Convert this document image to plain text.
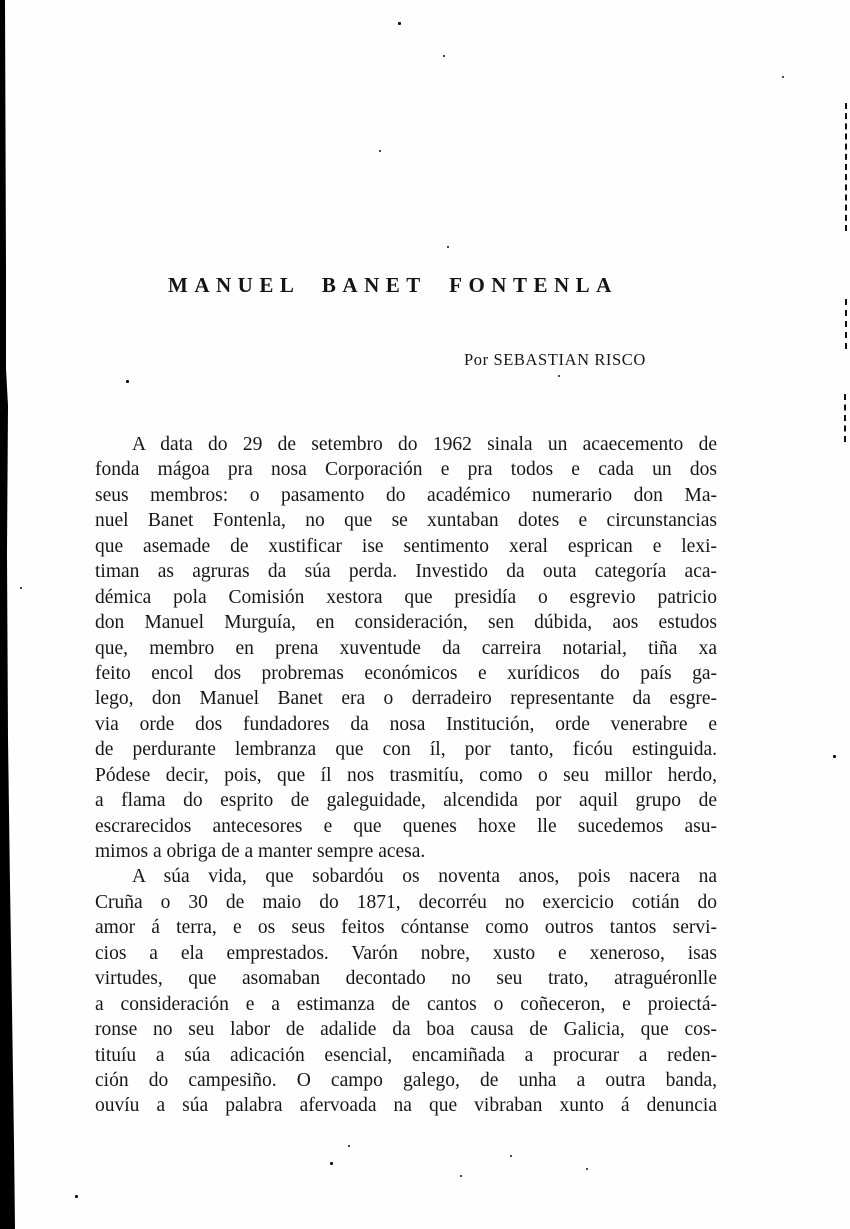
MANUEL BANET FONTENLA
Por SEBASTIAN RISCO
A data do 29 de setembro do 1962 sinala un acaecemento de
fonda mágoa pra nosa Corporación e pra todos e cada un dos
seus membros: o pasamento do académico numerario don Ma-
nuel Banet Fontenla, no que se xuntaban dotes e circunstancias
que asemade de xustificar ise sentimento xeral esprican e lexi-
timan as agruras da súa perda. Investido da outa categoría aca-
démica pola Comisión xestora que presidía o esgrevio patricio
don Manuel Murguía, en consideración, sen dúbida, aos estudos
que, membro en prena xuventude da carreira notarial, tiña xa
feito encol dos probremas económicos e xurídicos do país ga-
lego, don Manuel Banet era o derradeiro representante da esgre-
via orde dos fundadores da nosa Institución, orde venerabre e
de perdurante lembranza que con íl, por tanto, ficóu estinguida.
Pódese decir, pois, que íl nos trasmitíu, como o seu millor herdo,
a flama do esprito de galeguidade, alcendida por aquil grupo de
escrarecidos antecesores e que quenes hoxe lle sucedemos asu-
mimos a obriga de a manter sempre acesa.
A súa vida, que sobardóu os noventa anos, pois nacera na
Cruña o 30 de maio do 1871, decorréu no exercicio cotián do
amor á terra, e os seus feitos cóntanse como outros tantos servi-
cios a ela emprestados. Varón nobre, xusto e xeneroso, isas
virtudes, que asomaban decontado no seu trato, atraguéronlle
a consideración e a estimanza de cantos o coñeceron, e proiectá-
ronse no seu labor de adalide da boa causa de Galicia, que cos-
tituíu a súa adicación esencial, encamiñada a procurar a reden-
ción do campesiño. O campo galego, de unha a outra banda,
ouvíu a súa palabra afervoada na que vibraban xunto á denuncia
